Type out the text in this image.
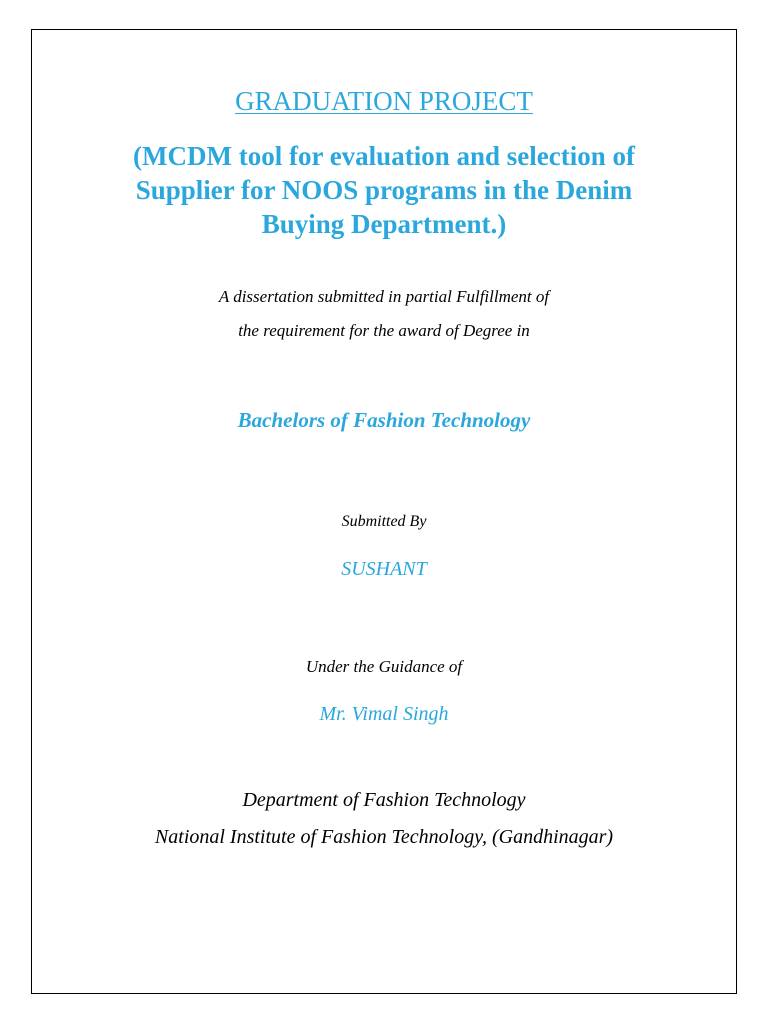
GRADUATION PROJECT
(MCDM tool for evaluation and selection of
Supplier for NOOS programs in the Denim
Buying Department.)
A dissertation submitted in partial Fulfillment of
the requirement for the award of Degree in
Bachelors of Fashion Technology
Submitted By
SUSHANT
Under the Guidance of
Mr. Vimal Singh
Department of Fashion Technology
National Institute of Fashion Technology, (Gandhinagar)
